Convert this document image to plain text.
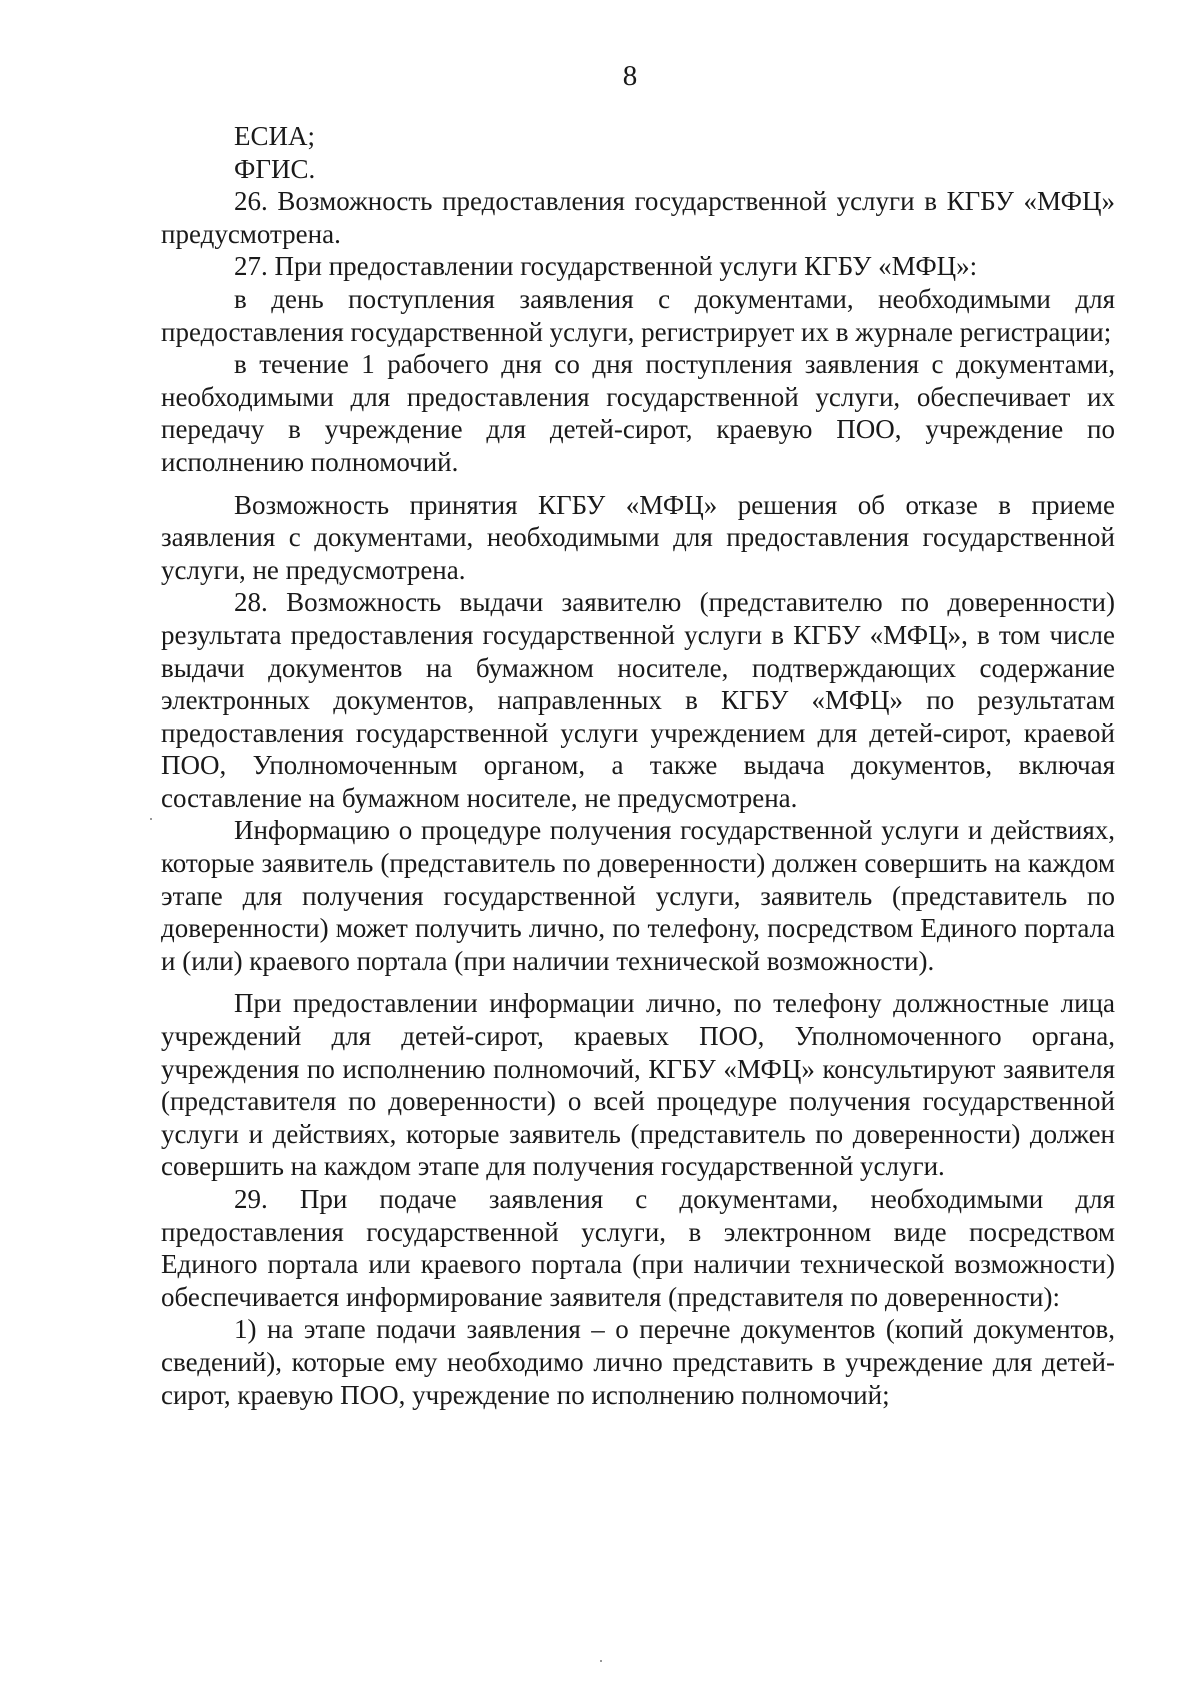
8

ЕСИА;

ФГИС.

26. Возможность предоставления государственной услуги в КГБУ «МФЦ» предусмотрена.

27. При предоставлении государственной услуги КГБУ «МФЦ»:

в день поступления заявления с документами, необходимыми для предоставления государственной услуги, регистрирует их в журнале регистрации;

в течение 1 рабочего дня со дня поступления заявления с документами, необходимыми для предоставления государственной услуги, обеспечивает их передачу в учреждение для детей-сирот, краевую ПОО, учреждение по исполнению полномочий.

Возможность принятия КГБУ «МФЦ» решения об отказе в приеме заявления с документами, необходимыми для предоставления государственной услуги, не предусмотрена.

28. Возможность выдачи заявителю (представителю по доверенности) результата предоставления государственной услуги в КГБУ «МФЦ», в том числе выдачи документов на бумажном носителе, подтверждающих содержание электронных документов, направленных в КГБУ «МФЦ» по результатам предоставления государственной услуги учреждением для детей-сирот, краевой ПОО, Уполномоченным органом, а также выдача документов, включая составление на бумажном носителе, не предусмотрена.

Информацию о процедуре получения государственной услуги и действиях, которые заявитель (представитель по доверенности) должен совершить на каждом этапе для получения государственной услуги, заявитель (представитель по доверенности) может получить лично, по телефону, посредством Единого портала и (или) краевого портала (при наличии технической возможности).

При предоставлении информации лично, по телефону должностные лица учреждений для детей-сирот, краевых ПОО, Уполномоченного органа, учреждения по исполнению полномочий, КГБУ «МФЦ» консультируют заявителя (представителя по доверенности) о всей процедуре получения государственной услуги и действиях, которые заявитель (представитель по доверенности) должен совершить на каждом этапе для получения государственной услуги.

29. При подаче заявления с документами, необходимыми для предоставления государственной услуги, в электронном виде посредством Единого портала или краевого портала (при наличии технической возможности) обеспечивается информирование заявителя (представителя по доверенности):

1) на этапе подачи заявления – о перечне документов (копий документов, сведений), которые ему необходимо лично представить в учреждение для детей-сирот, краевую ПОО, учреждение по исполнению полномочий;
